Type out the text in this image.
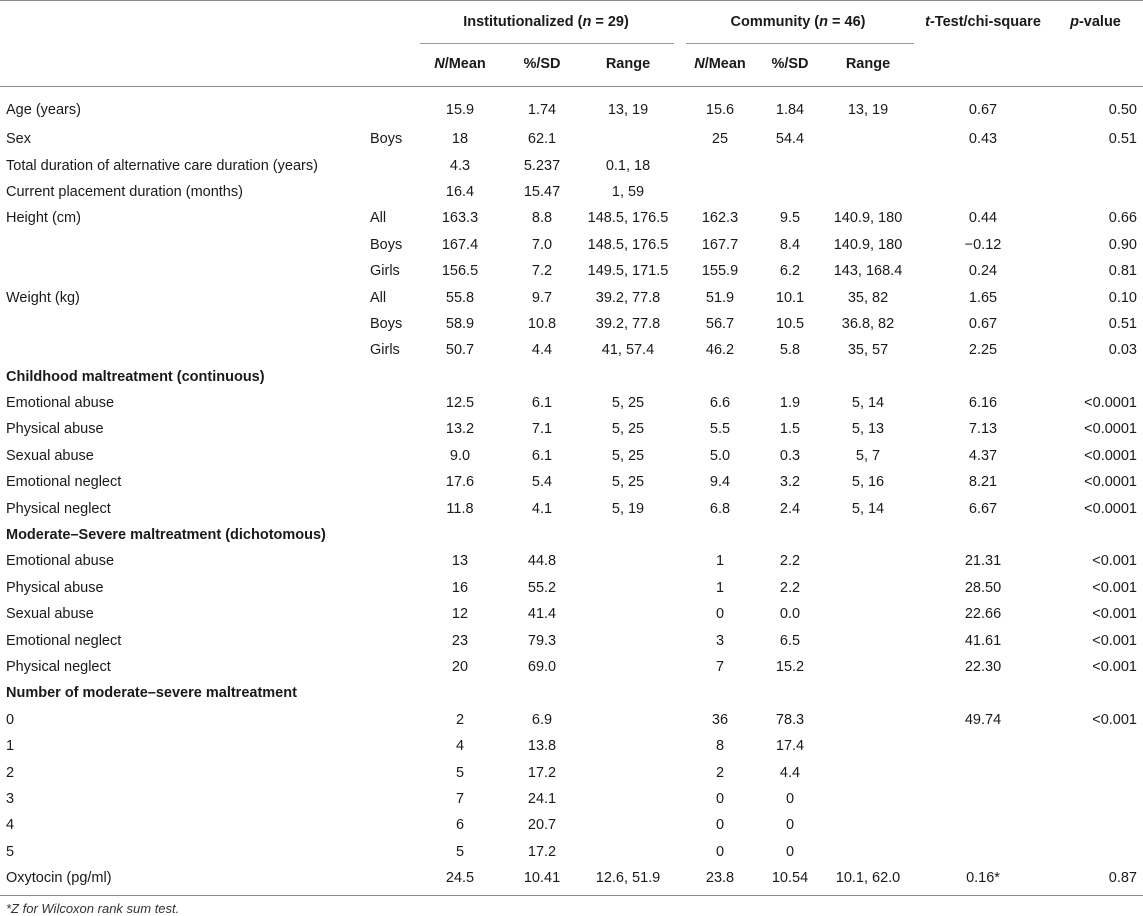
		Institutionalized (n = 29)			Community (n = 46)			t-Test/chi-square	p-value
		N/Mean	%/SD	Range	N/Mean	%/SD	Range		
Age (years)		15.9	1.74	13, 19	15.6	1.84	13, 19	0.67	0.50
Sex	Boys	18	62.1		25	54.4		0.43	0.51
Total duration of alternative care duration (years)		4.3	5.237	0.1, 18					
Current placement duration (months)		16.4	15.47	1, 59					
Height (cm)	All	163.3	8.8	148.5, 176.5	162.3	9.5	140.9, 180	0.44	0.66
	Boys	167.4	7.0	148.5, 176.5	167.7	8.4	140.9, 180	−0.12	0.90
	Girls	156.5	7.2	149.5, 171.5	155.9	6.2	143, 168.4	0.24	0.81
Weight (kg)	All	55.8	9.7	39.2, 77.8	51.9	10.1	35, 82	1.65	0.10
	Boys	58.9	10.8	39.2, 77.8	56.7	10.5	36.8, 82	0.67	0.51
	Girls	50.7	4.4	41, 57.4	46.2	5.8	35, 57	2.25	0.03
Childhood maltreatment (continuous)									
Emotional abuse		12.5	6.1	5, 25	6.6	1.9	5, 14	6.16	<0.0001
Physical abuse		13.2	7.1	5, 25	5.5	1.5	5, 13	7.13	<0.0001
Sexual abuse		9.0	6.1	5, 25	5.0	0.3	5, 7	4.37	<0.0001
Emotional neglect		17.6	5.4	5, 25	9.4	3.2	5, 16	8.21	<0.0001
Physical neglect		11.8	4.1	5, 19	6.8	2.4	5, 14	6.67	<0.0001
Moderate–Severe maltreatment (dichotomous)									
Emotional abuse		13	44.8		1	2.2		21.31	<0.001
Physical abuse		16	55.2		1	2.2		28.50	<0.001
Sexual abuse		12	41.4		0	0.0		22.66	<0.001
Emotional neglect		23	79.3		3	6.5		41.61	<0.001
Physical neglect		20	69.0		7	15.2		22.30	<0.001
Number of moderate–severe maltreatment									
0		2	6.9		36	78.3		49.74	<0.001
1		4	13.8		8	17.4			
2		5	17.2		2	4.4			
3		7	24.1		0	0			
4		6	20.7		0	0			
5		5	17.2		0	0			
Oxytocin (pg/ml)		24.5	10.41	12.6, 51.9	23.8	10.54	10.1, 62.0	0.16*	0.87
*Z for Wilcoxon rank sum test.
